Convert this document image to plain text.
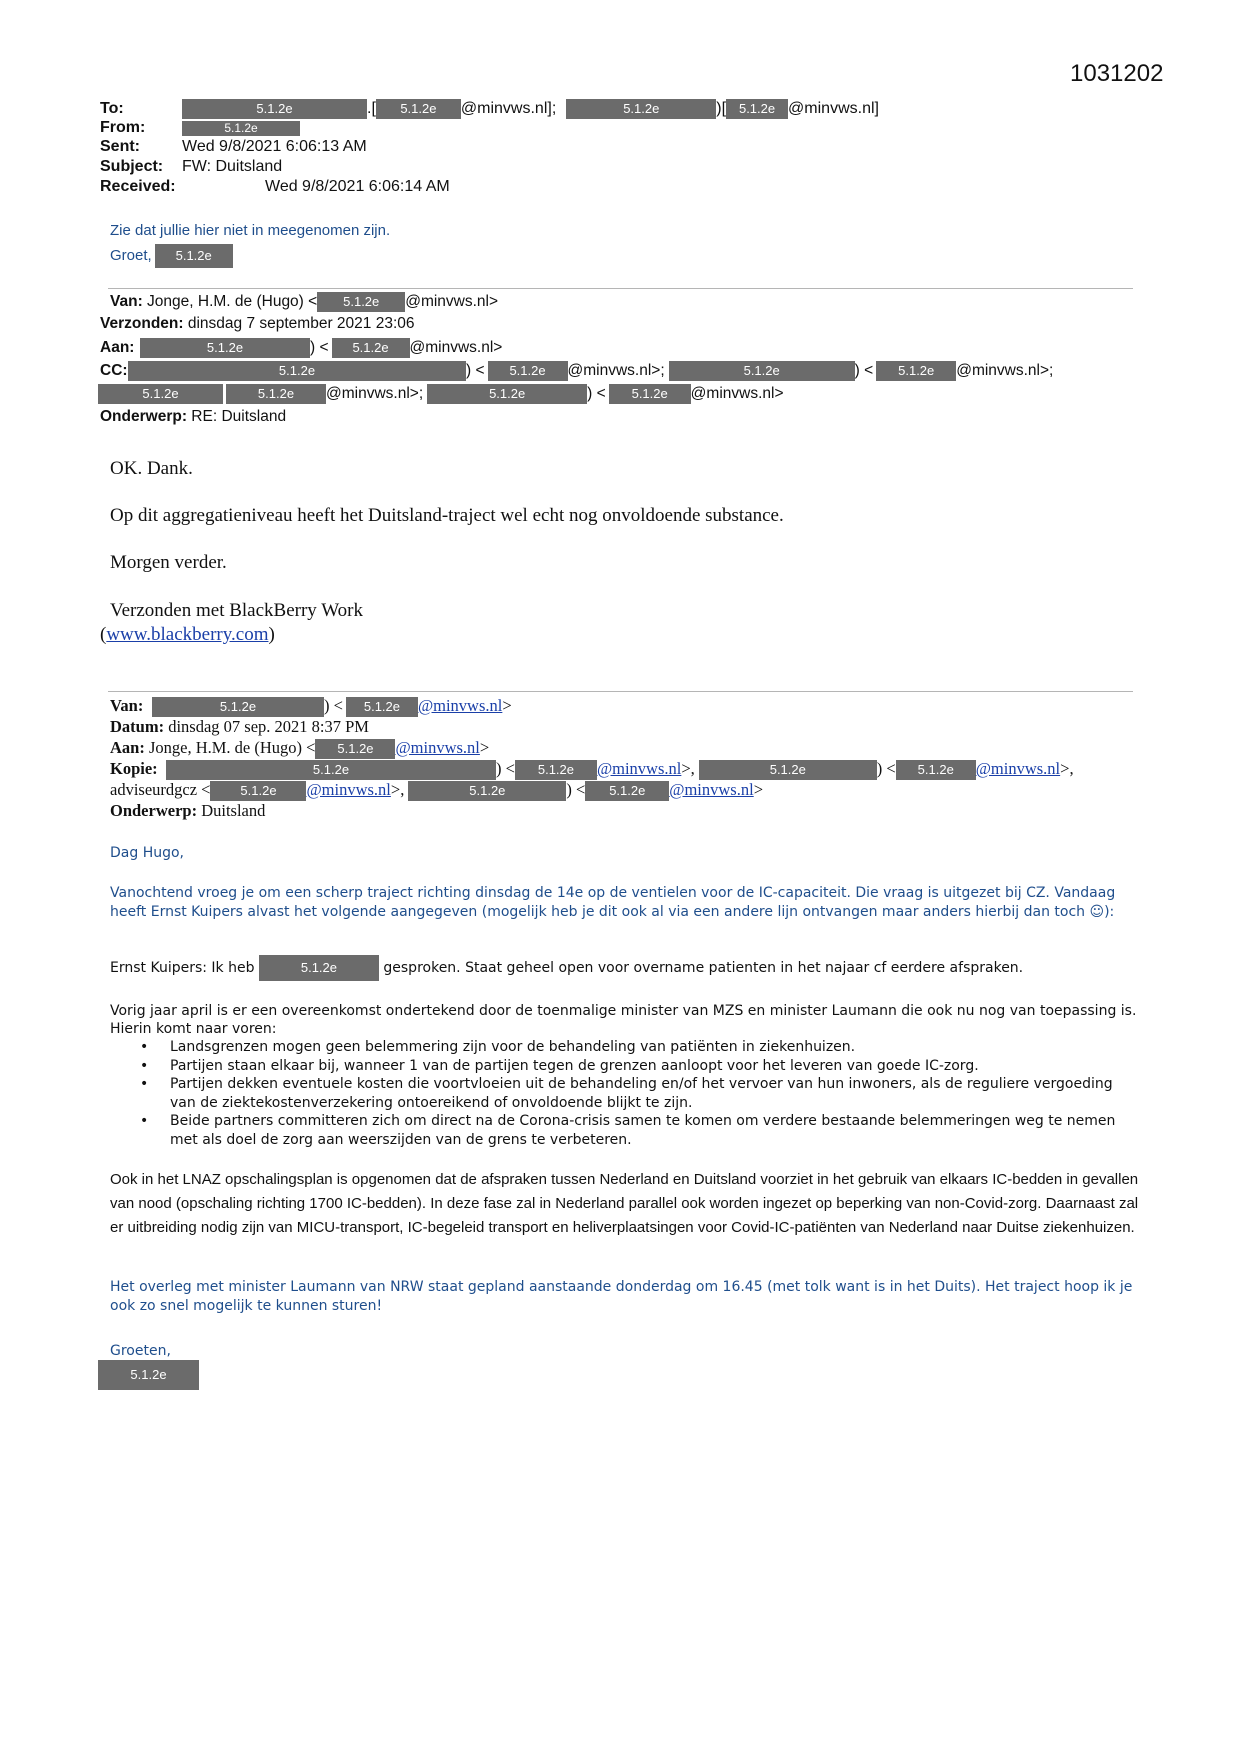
1031202
To:	5.1.2e	.[ 5.1.2e @minvws.nl];	5.1.2e	)[ 5.1.2e @minvws.nl]
From:	5.1.2e
Sent:	Wed 9/8/2021 6:06:13 AM
Subject: FW: Duitsland
Received:	Wed 9/8/2021 6:06:14 AM
Zie dat jullie hier niet in meegenomen zijn.
Groet, 5.1.2e
Van: Jonge, H.M. de (Hugo) < 5.1.2e @minvws.nl>
Verzonden: dinsdag 7 september 2021 23:06
Aan:	5.1.2e	) < 5.1.2e @minvws.nl>
CC:	5.1.2e	) < 5.1.2e @minvws.nl>;	5.1.2e	) < 5.1.2e @minvws.nl>;
5.1.2e	5.1.2e @minvws.nl>;	5.1.2e	) < 5.1.2e @minvws.nl>
Onderwerp: RE: Duitsland
OK. Dank.
Op dit aggregatieniveau heeft het Duitsland-traject wel echt nog onvoldoende substance.
Morgen verder.
Verzonden met BlackBerry Work
(www.blackberry.com)
Van:	5.1.2e	) < 5.1.2e @minvws.nl>
Datum: dinsdag 07 sep. 2021 8:37 PM
Aan: Jonge, H.M. de (Hugo) < 5.1.2e @minvws.nl>
Kopie:	5.1.2e	) < 5.1.2e @minvws.nl>,	5.1.2e	) < 5.1.2e @minvws.nl>,
adviseurdgcz < 5.1.2e @minvws.nl>,	5.1.2e	) < 5.1.2e @minvws.nl>
Onderwerp: Duitsland
Dag Hugo,
Vanochtend vroeg je om een scherp traject richting dinsdag de 14e op de ventielen voor de IC-capaciteit. Die vraag is uitgezet bij CZ. Vandaag heeft Ernst Kuipers alvast het volgende aangegeven (mogelijk heb je dit ook al via een andere lijn ontvangen maar anders hierbij dan toch ☺):
Ernst Kuipers: Ik heb	5.1.2e	gesproken. Staat geheel open voor overname patienten in het najaar cf eerdere afspraken.
Vorig jaar april is er een overeenkomst ondertekend door de toenmalige minister van MZS en minister Laumann die ook nu nog van toepassing is. Hierin komt naar voren:
• Landsgrenzen mogen geen belemmering zijn voor de behandeling van patiënten in ziekenhuizen.
• Partijen staan elkaar bij, wanneer 1 van de partijen tegen de grenzen aanloopt voor het leveren van goede IC-zorg.
• Partijen dekken eventuele kosten die voortvloeien uit de behandeling en/of het vervoer van hun inwoners, als de reguliere vergoeding van de ziektekostenverzekering ontoereikend of onvoldoende blijkt te zijn.
• Beide partners committeren zich om direct na de Corona-crisis samen te komen om verdere bestaande belemmeringen weg te nemen met als doel de zorg aan weerszijden van de grens te verbeteren.
Ook in het LNAZ opschalingsplan is opgenomen dat de afspraken tussen Nederland en Duitsland voorziet in het gebruik van elkaars IC-bedden in gevallen van nood (opschaling richting 1700 IC-bedden). In deze fase zal in Nederland parallel ook worden ingezet op beperking van non-Covid-zorg. Daarnaast zal er uitbreiding nodig zijn van MICU-transport, IC-begeleid transport en heliverplaatsingen voor Covid-IC-patiënten van Nederland naar Duitse ziekenhuizen.
Het overleg met minister Laumann van NRW staat gepland aanstaande donderdag om 16.45 (met tolk want is in het Duits). Het traject hoop ik je ook zo snel mogelijk te kunnen sturen!
Groeten,
5.1.2e
